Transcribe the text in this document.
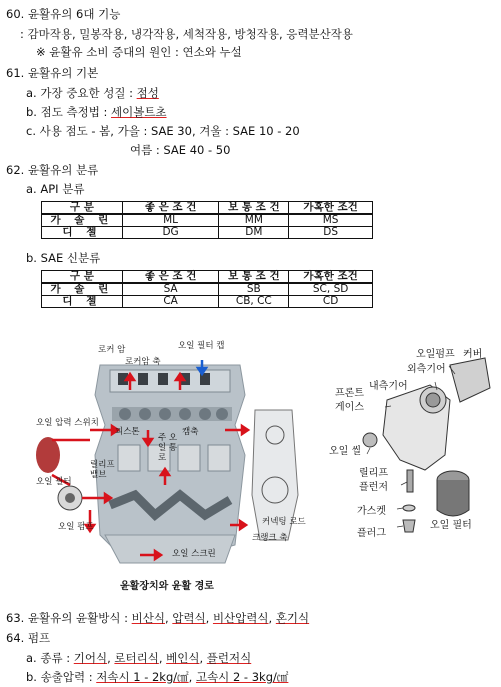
60. 윤활유의 6대 기능
: 감마작용, 밀봉작용, 냉각작용, 세척작용, 방청작용, 응력분산작용
※ 윤활유 소비 증대의 원인 : 연소와 누설
61. 윤활유의 기본
a. 가장 중요한 성질 : 점성
b. 점도 측정법 : 세이볼트초
c. 사용 점도 - 봄, 가을 : SAE 30, 겨울 : SAE 10 - 20
여름 : SAE 40 - 50
62. 윤활유의 분류
a. API 분류
구 분	좋 은 조 건	보 통 조 건	가혹한 조건
가 솔 린	ML	MM	MS
디 젤	DG	DM	DS
b. SAE 신분류
구 분	좋 은 조 건	보 통 조 건	가혹한 조건
가 솔 린	SA	SB	SC, SD
디 젤	CA	CB, CC	CD
로커 암
로커암 축
오일 필터 캡
오일 압력 스위치
피스톤
주 오일 통로
캠축
릴리프 밸브
오일 필터
오일 펌프
오일 스크린
커넥팅 로드
크랭크 축
윤활장치와 윤활 경로
오일펌프 커버
외측기어
내측기어
프론트
게이스
오일 씰
릴리프
플런저
가스켓
플러그
오일 필터
63. 윤활유의 윤활방식 : 비산식, 압력식, 비산압력식, 혼기식
64. 펌프
a. 종류 : 기어식, 로터리식, 베인식, 플런저식
b. 송출압력 : 저속시 1 - 2kg/㎠, 고속시 2 - 3kg/㎠
